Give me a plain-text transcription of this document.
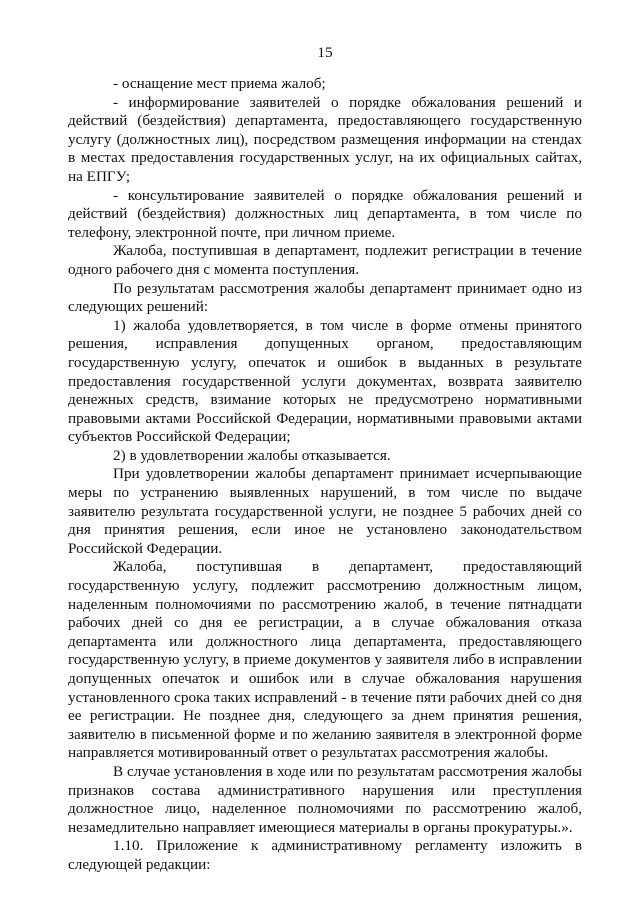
15

- оснащение мест приема жалоб;

- информирование заявителей о порядке обжалования решений и действий (бездействия) департамента, предоставляющего государственную услугу (должностных лиц), посредством размещения информации на стендах в местах предоставления государственных услуг, на их официальных сайтах, на ЕПГУ;

- консультирование заявителей о порядке обжалования решений и действий (бездействия) должностных лиц департамента, в том числе по телефону, электронной почте, при личном приеме.

Жалоба, поступившая в департамент, подлежит регистрации в течение одного рабочего дня с момента поступления.

По результатам рассмотрения жалобы департамент принимает одно из следующих решений:

1) жалоба удовлетворяется, в том числе в форме отмены принятого решения, исправления допущенных органом, предоставляющим государственную услугу, опечаток и ошибок в выданных в результате предоставления государственной услуги документах, возврата заявителю денежных средств, взимание которых не предусмотрено нормативными правовыми актами Российской Федерации, нормативными правовыми актами субъектов Российской Федерации;

2) в удовлетворении жалобы отказывается.

При удовлетворении жалобы департамент принимает исчерпывающие меры по устранению выявленных нарушений, в том числе по выдаче заявителю результата государственной услуги, не позднее 5 рабочих дней со дня принятия решения, если иное не установлено законодательством Российской Федерации.

Жалоба, поступившая в департамент, предоставляющий государственную услугу, подлежит рассмотрению должностным лицом, наделенным полномочиями по рассмотрению жалоб, в течение пятнадцати рабочих дней со дня ее регистрации, а в случае обжалования отказа департамента или должностного лица департамента, предоставляющего государственную услугу, в приеме документов у заявителя либо в исправлении допущенных опечаток и ошибок или в случае обжалования нарушения установленного срока таких исправлений - в течение пяти рабочих дней со дня ее регистрации. Не позднее дня, следующего за днем принятия решения, заявителю в письменной форме и по желанию заявителя в электронной форме направляется мотивированный ответ о результатах рассмотрения жалобы.

В случае установления в ходе или по результатам рассмотрения жалобы признаков состава административного нарушения или преступления должностное лицо, наделенное полномочиями по рассмотрению жалоб, незамедлительно направляет имеющиеся материалы в органы прокуратуры.».

1.10. Приложение к административному регламенту изложить в следующей редакции:
